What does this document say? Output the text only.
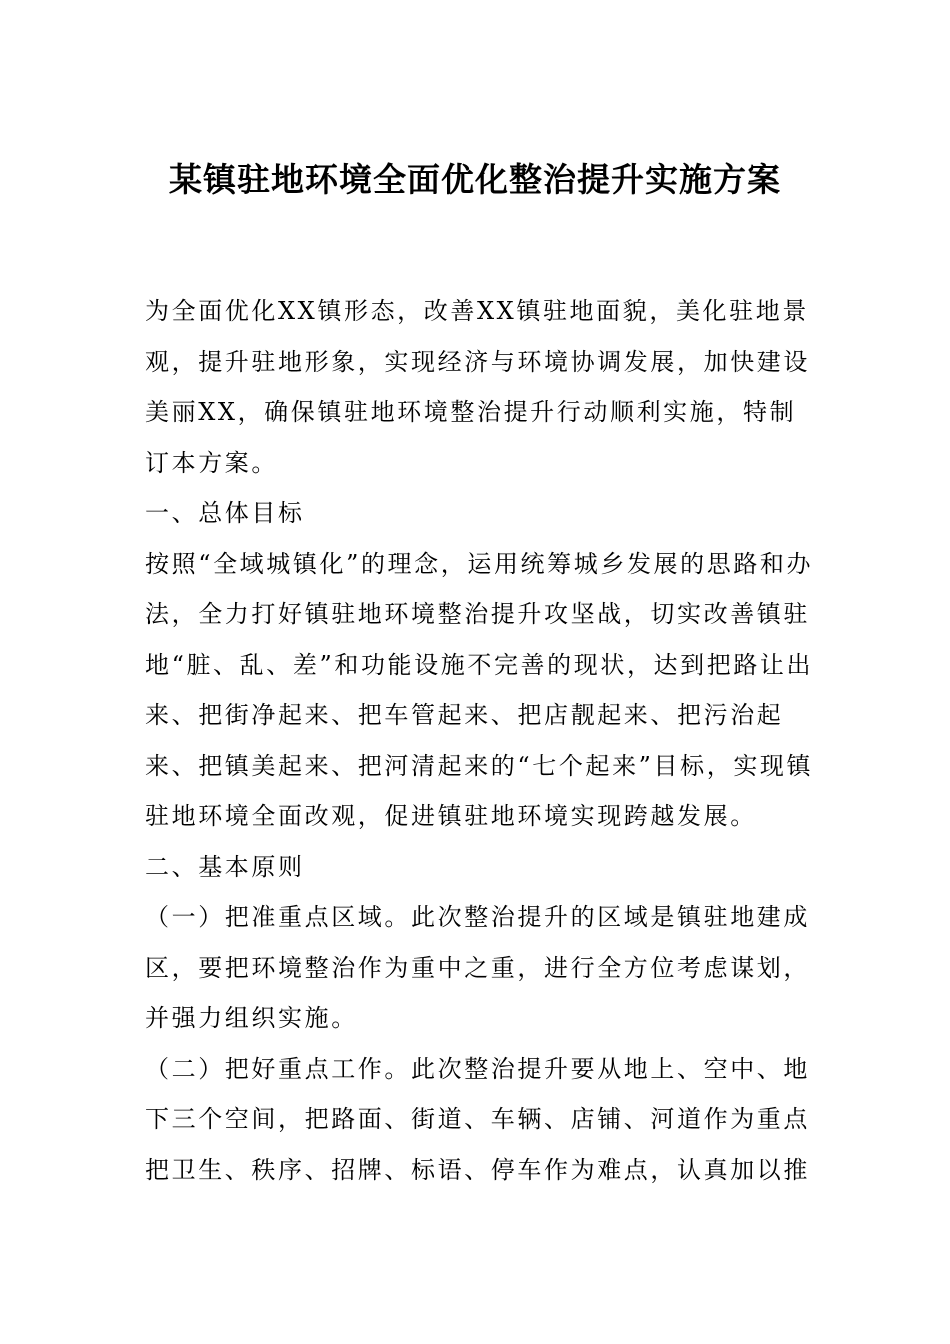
某镇驻地环境全面优化整治提升实施方案

为全面优化XX镇形态，改善XX镇驻地面貌，美化驻地景观，提升驻地形象，实现经济与环境协调发展，加快建设美丽XX，确保镇驻地环境整治提升行动顺利实施，特制订本方案。

一、总体目标

按照“全域城镇化”的理念，运用统筹城乡发展的思路和办法，全力打好镇驻地环境整治提升攻坚战，切实改善镇驻地“脏、乱、差”和功能设施不完善的现状，达到把路让出来、把街净起来、把车管起来、把店靓起来、把污治起来、把镇美起来、把河清起来的“七个起来”目标，实现镇驻地环境全面改观，促进镇驻地环境实现跨越发展。

二、基本原则

（一）把准重点区域。此次整治提升的区域是镇驻地建成区，要把环境整治作为重中之重，进行全方位考虑谋划，并强力组织实施。

（二）把好重点工作。此次整治提升要从地上、空中、地下三个空间，把路面、街道、车辆、店铺、河道作为重点把卫生、秩序、招牌、标语、停车作为难点，认真加以推
